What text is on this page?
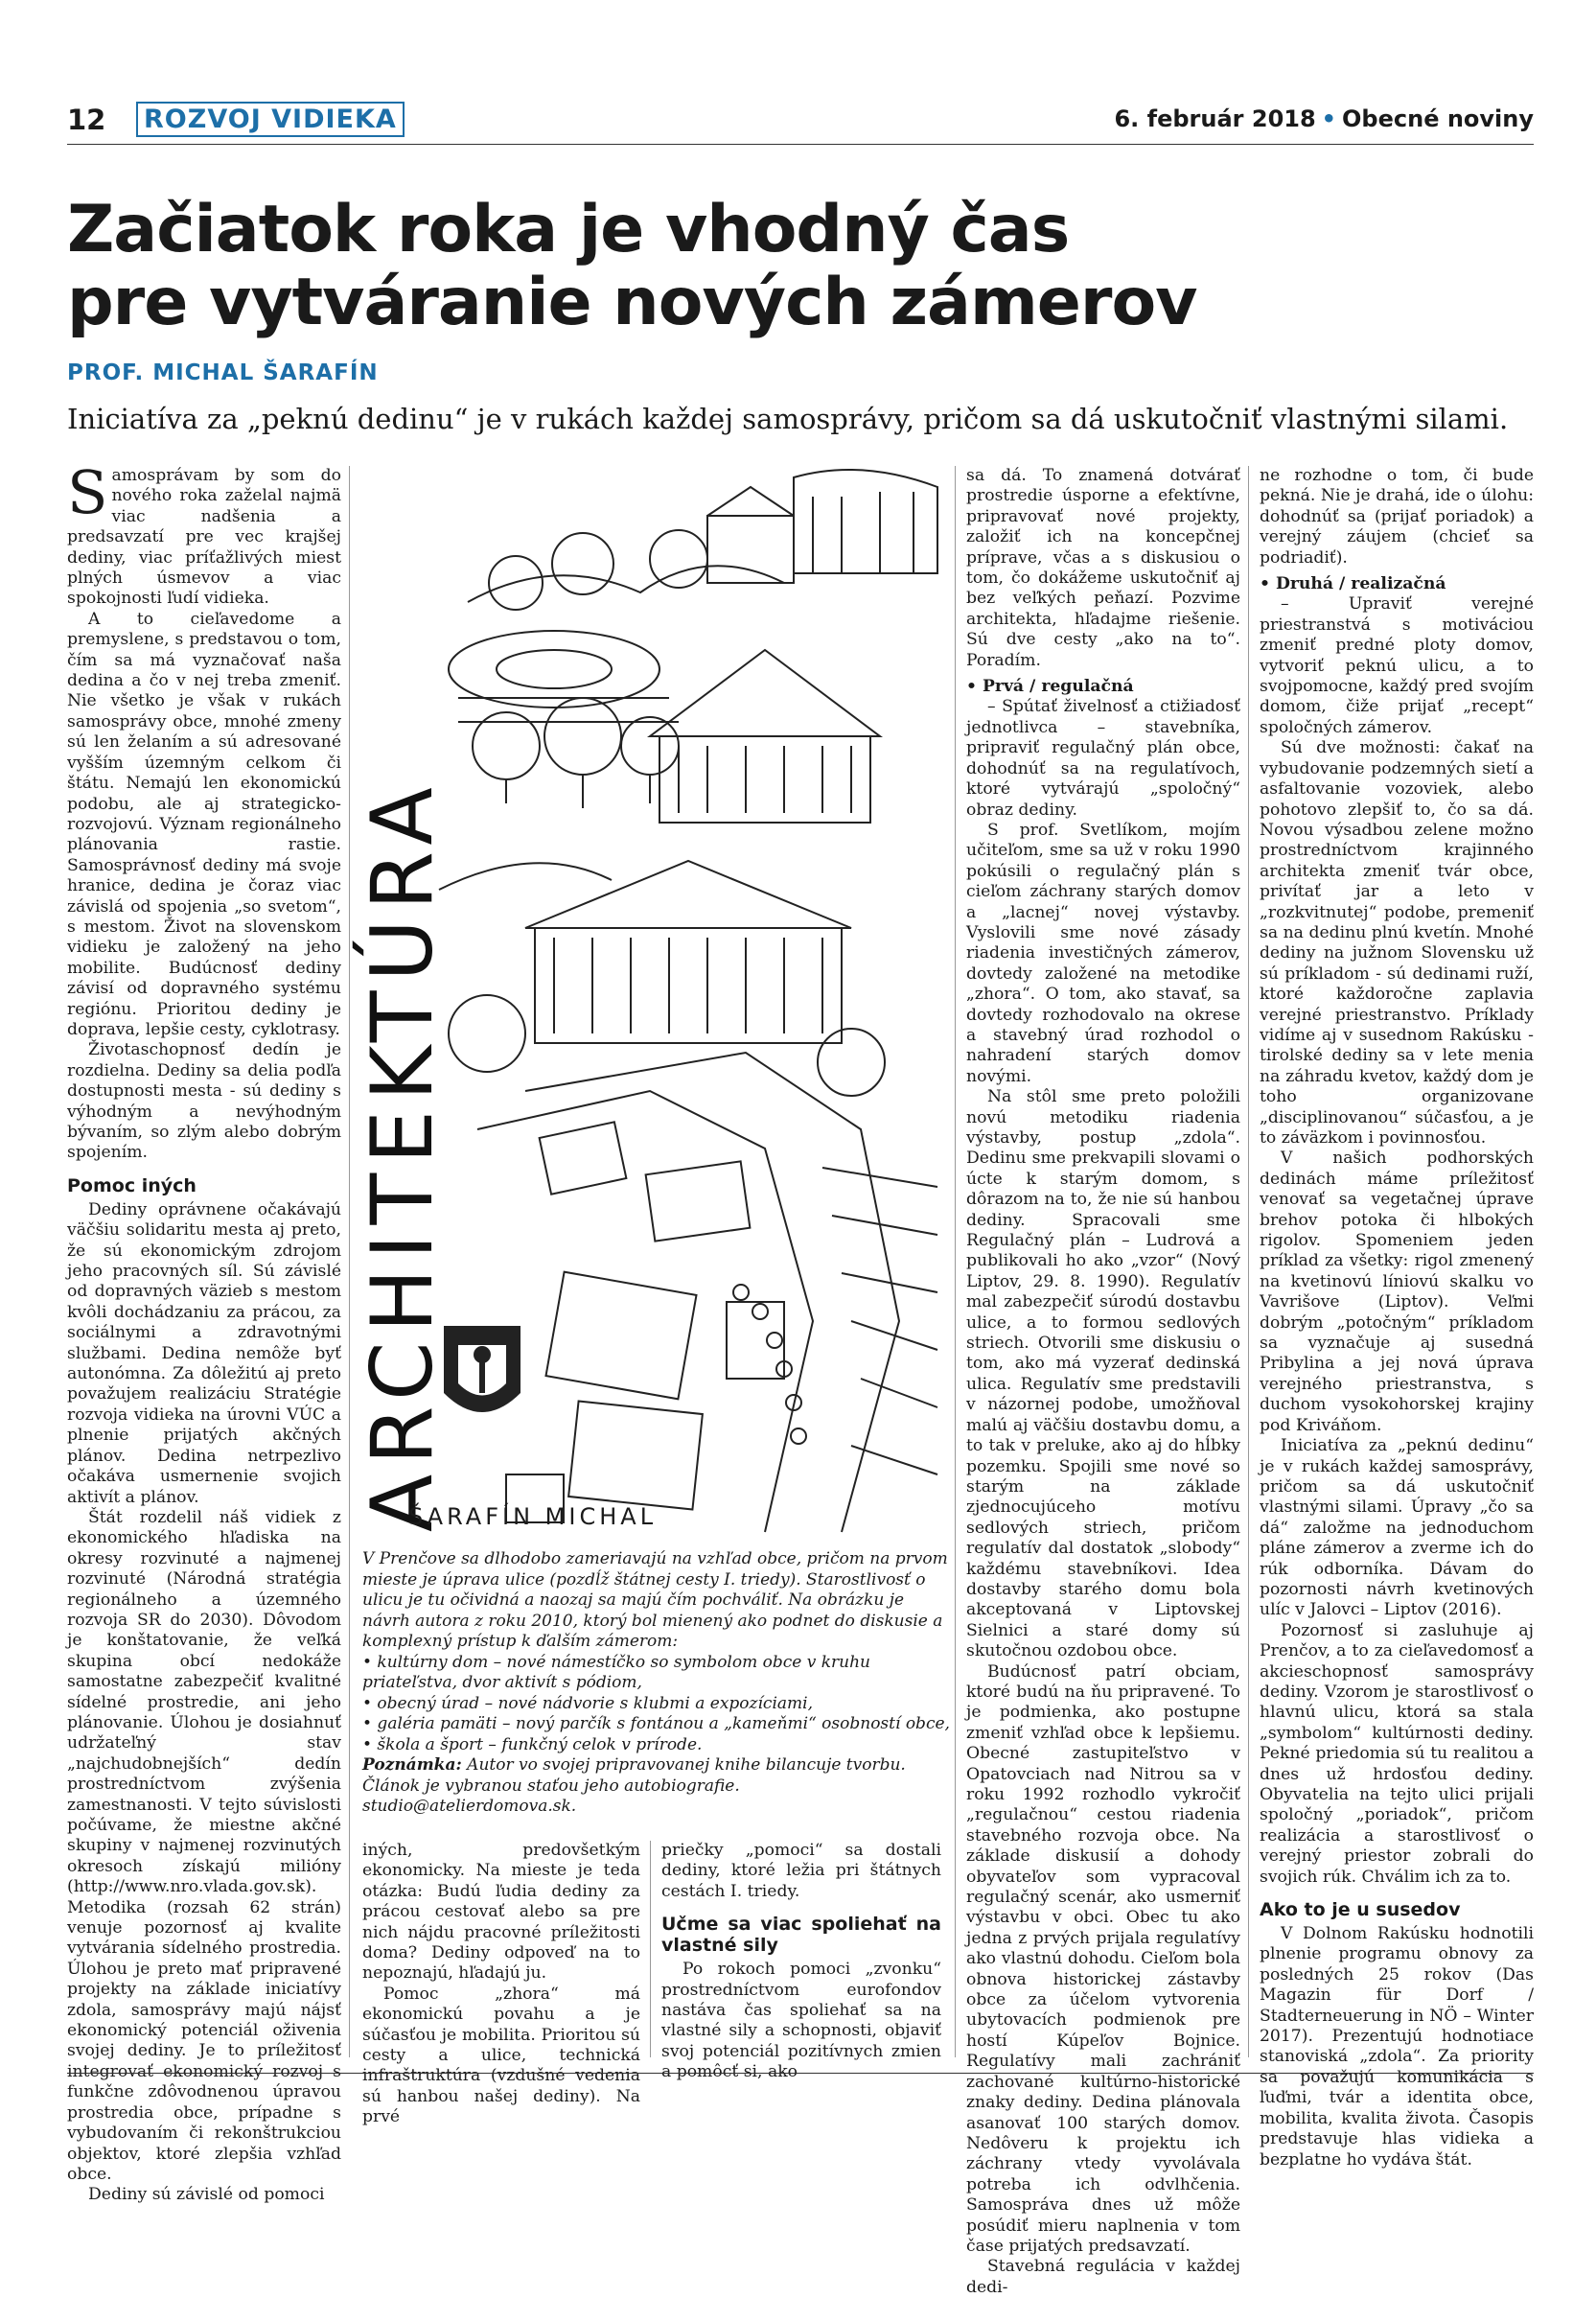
12 ROZVOJ VIDIEKA	6. február 2018 • Obecné noviny
Začiatok roka je vhodný čas
pre vytváranie nových zámerov
PROF. MICHAL ŠARAFÍN
Iniciatíva za „peknú dedinu“ je v rukách každej samosprávy, pričom sa dá uskutočniť vlastnými silami.

Samosprávam by som do nového roka zaželal najmä viac nadšenia a predsavzatí pre vec krajšej dediny, viac príťažlivých miest plných úsmevov a viac spokojnosti ľudí vidieka.

A to cieľavedome a premyslene, s predstavou o tom, čím sa má vyznačovať naša dedina a čo v nej treba zmeniť. Nie všetko je však v rukách samosprávy obce, mnohé zmeny sú len želaním a sú adresované vyšším územným celkom či štátu. Nemajú len ekonomickú podobu, ale aj strategicko-rozvojovú. Význam regionálneho plánovania rastie. Samosprávnosť dediny má svoje hranice, dedina je čoraz viac závislá od spojenia „so svetom“, s mestom. Život na slovenskom vidieku je založený na jeho mobilite. Budúcnosť dediny závisí od dopravného systému regiónu. Prioritou dediny je doprava, lepšie cesty, cyklotrasy.

Životaschopnosť dedín je rozdielna. Dediny sa delia podľa dostupnosti mesta - sú dediny s výhodným a nevýhodným bývaním, so zlým alebo dobrým spojením.

Pomoc iných

Dediny oprávnene očakávajú väčšiu solidaritu mesta aj preto, že sú ekonomickým zdrojom jeho pracovných síl. Sú závislé od dopravných väzieb s mestom kvôli dochádzaniu za prácou, za sociálnymi a zdravotnými službami. Dedina nemôže byť autonómna. Za dôležitú aj preto považujem realizáciu Stratégie rozvoja vidieka na úrovni VÚC a plnenie prijatých akčných plánov. Dedina netrpezlivo očakáva usmernenie svojich aktivít a plánov.

Štát rozdelil náš vidiek z ekonomického hľadiska na okresy rozvinuté a najmenej rozvinuté (Národná stratégia regionálneho a územného rozvoja SR do 2030). Dôvodom je konštatovanie, že veľká skupina obcí nedokáže samostatne zabezpečiť kvalitné sídelné prostredie, ani jeho plánovanie. Úlohou je dosiahnuť udržateľný stav „najchudobnejších“ dedín prostredníctvom zvýšenia zamestnanosti. V tejto súvislosti počúvame, že miestne akčné skupiny v najmenej rozvinutých okresoch získajú milióny (http://www.nro.vlada.gov.sk). Metodika (rozsah 62 strán) venuje pozornosť aj kvalite vytvárania sídelného prostredia. Úlohou je preto mať pripravené projekty na základe iniciatívy zdola, samosprávy majú nájsť ekonomický potenciál oživenia svojej dediny. Je to príležitosť integrovať ekonomický rozvoj s funkčne zdôvodnenou úpravou prostredia obce, prípadne s vybudovaním či rekonštrukciou objektov, ktoré zlepšia vzhľad obce.

Dediny sú závislé od pomoci

ARCHITEKTÚRA
ŠARAFÍN MICHAL

V Prenčove sa dlhodobo zameriavajú na vzhľad obce, pričom na prvom mieste je úprava ulice (pozdĺž štátnej cesty I. triedy). Starostlivosť o ulicu je tu očividná a naozaj sa majú čím pochváliť. Na obrázku je návrh autora z roku 2010, ktorý bol mienený ako podnet do diskusie a komplexný prístup k ďalším zámerom:

• kultúrny dom – nové námestíčko so symbolom obce v kruhu priateľstva, dvor aktivít s pódiom,

• obecný úrad – nové nádvorie s klubmi a expozíciami,

• galéria pamäti – nový parčík s fontánou a „kameňmi“ osobností obce,

• škola a šport – funkčný celok v prírode.

Poznámka: Autor vo svojej pripravovanej knihe bilancuje tvorbu. Článok je vybranou staťou jeho autobiografie. studio@atelierdomova.sk.

iných, predovšetkým ekonomicky. Na mieste je teda otázka: Budú ľudia dediny za prácou cestovať alebo sa pre nich nájdu pracovné príležitosti doma? Dediny odpoveď na to nepoznajú, hľadajú ju.

Pomoc „zhora“ má ekonomickú povahu a je súčasťou je mobilita. Prioritou sú cesty a ulice, technická infraštruktúra (vzdušné vedenia sú hanbou našej dediny). Na prvé

priečky „pomoci“ sa dostali dediny, ktoré ležia pri štátnych cestách I. triedy.

Učme sa viac spoliehať na vlastné sily

Po rokoch pomoci „zvonku“ prostredníctvom eurofondov nastáva čas spoliehať sa na vlastné sily a schopnosti, objaviť svoj potenciál pozitívnych zmien a pomôcť si, ako

sa dá. To znamená dotvárať prostredie úsporne a efektívne, pripravovať nové projekty, založiť ich na koncepčnej príprave, včas a s diskusiou o tom, čo dokážeme uskutočniť aj bez veľkých peňazí. Pozvime architekta, hľadajme riešenie. Sú dve cesty „ako na to“. Poradím.

• Prvá / regulačná

– Spútať živelnosť a ctižiadosť jednotlivca – stavebníka, pripraviť regulačný plán obce, dohodnúť sa na regulatívoch, ktoré vytvárajú „spoločný“ obraz dediny.

S prof. Svetlíkom, mojím učiteľom, sme sa už v roku 1990 pokúsili o regulačný plán s cieľom záchrany starých domov a „lacnej“ novej výstavby. Vyslovili sme nové zásady riadenia investičných zámerov, dovtedy založené na metodike „zhora“. O tom, ako stavať, sa dovtedy rozhodovalo na okrese a stavebný úrad rozhodol o nahradení starých domov novými.

Na stôl sme preto položili novú metodiku riadenia výstavby, postup „zdola“. Dedinu sme prekvapili slovami o úcte k starým domom, s dôrazom na to, že nie sú hanbou dediny. Spracovali sme Regulačný plán – Ludrová a publikovali ho ako „vzor“ (Nový Liptov, 29. 8. 1990). Regulatív mal zabezpečiť súrodú dostavbu ulice, a to formou sedlových striech. Otvorili sme diskusiu o tom, ako má vyzerať dedinská ulica. Regulatív sme predstavili v názornej podobe, umožňoval malú aj väčšiu dostavbu domu, a to tak v preluke, ako aj do hĺbky pozemku. Spojili sme nové so starým na základe zjednocujúceho motívu sedlových striech, pričom regulatív dal dostatok „slobody“ každému stavebníkovi. Idea dostavby starého domu bola akceptovaná v Liptovskej Sielnici a staré domy sú skutočnou ozdobou obce.

Budúcnosť patrí obciam, ktoré budú na ňu pripravené. To je podmienka, ako postupne zmeniť vzhľad obce k lepšiemu. Obecné zastupiteľstvo v Opatovciach nad Nitrou sa v roku 1992 rozhodlo vykročiť „regulačnou“ cestou riadenia stavebného rozvoja obce. Na základe diskusií a dohody obyvateľov som vypracoval regulačný scenár, ako usmerniť výstavbu v obci. Obec tu ako jedna z prvých prijala regulatívy ako vlastnú dohodu. Cieľom bola obnova historickej zástavby obce za účelom vytvorenia ubytovacích podmienok pre hostí Kúpeľov Bojnice. Regulatívy mali zachrániť zachované kultúrno-historické znaky dediny. Dedina plánovala asanovať 100 starých domov. Nedôveru k projektu ich záchrany vtedy vyvolávala potreba ich odvlhčenia. Samospráva dnes už môže posúdiť mieru naplnenia v tom čase prijatých predsavzatí.

Stavebná regulácia v každej dedi-

ne rozhodne o tom, či bude pekná. Nie je drahá, ide o úlohu: dohodnúť sa (prijať poriadok) a verejný záujem (chcieť sa podriadiť).

• Druhá / realizačná

– Upraviť verejné priestranstvá s motiváciou zmeniť predné ploty domov, vytvoriť peknú ulicu, a to svojpomocne, každý pred svojím domom, čiže prijať „recept“ spoločných zámerov.

Sú dve možnosti: čakať na vybudovanie podzemných sietí a asfaltovanie vozoviek, alebo pohotovo zlepšiť to, čo sa dá. Novou výsadbou zelene možno prostredníctvom krajinného architekta zmeniť tvár obce, privítať jar a leto v „rozkvitnutej“ podobe, premeniť sa na dedinu plnú kvetín. Mnohé dediny na južnom Slovensku už sú príkladom - sú dedinami ruží, ktoré každoročne zaplavia verejné priestranstvo. Príklady vidíme aj v susednom Rakúsku - tirolské dediny sa v lete menia na záhradu kvetov, každý dom je toho organizovane „disciplinovanou“ súčasťou, a je to záväzkom i povinnosťou.

V našich podhorských dedinách máme príležitosť venovať sa vegetačnej úprave brehov potoka či hlbokých rigolov. Spomeniem jeden príklad za všetky: rigol zmenený na kvetinovú líniovú skalku vo Vavrišove (Liptov). Veľmi dobrým „potočným“ príkladom sa vyznačuje aj susedná Pribylina a jej nová úprava verejného priestranstva, s duchom vysokohorskej krajiny pod Kriváňom.

Iniciatíva za „peknú dedinu“ je v rukách každej samosprávy, pričom sa dá uskutočniť vlastnými silami. Úpravy „čo sa dá“ založme na jednoduchom pláne zámerov a zverme ich do rúk odborníka. Dávam do pozornosti návrh kvetinových ulíc v Jalovci – Liptov (2016).

Pozornosť si zasluhuje aj Prenčov, a to za cieľavedomosť a akcieschopnosť samosprávy dediny. Vzorom je starostlivosť o hlavnú ulicu, ktorá sa stala „symbolom“ kultúrnosti dediny. Pekné priedomia sú tu realitou a dnes už hrdosťou dediny. Obyvatelia na tejto ulici prijali spoločný „poriadok“, pričom realizácia a starostlivosť o verejný priestor zobrali do svojich rúk. Chválim ich za to.

Ako to je u susedov

V Dolnom Rakúsku hodnotili plnenie programu obnovy za posledných 25 rokov (Das Magazin für Dorf / Stadterneuerung in NÖ – Winter 2017). Prezentujú hodnotiace stanoviská „zdola“. Za priority sa považujú komunikácia s ľuďmi, tvár a identita obce, mobilita, kvalita života. Časopis predstavuje hlas vidieka a bezplatne ho vydáva štát.
